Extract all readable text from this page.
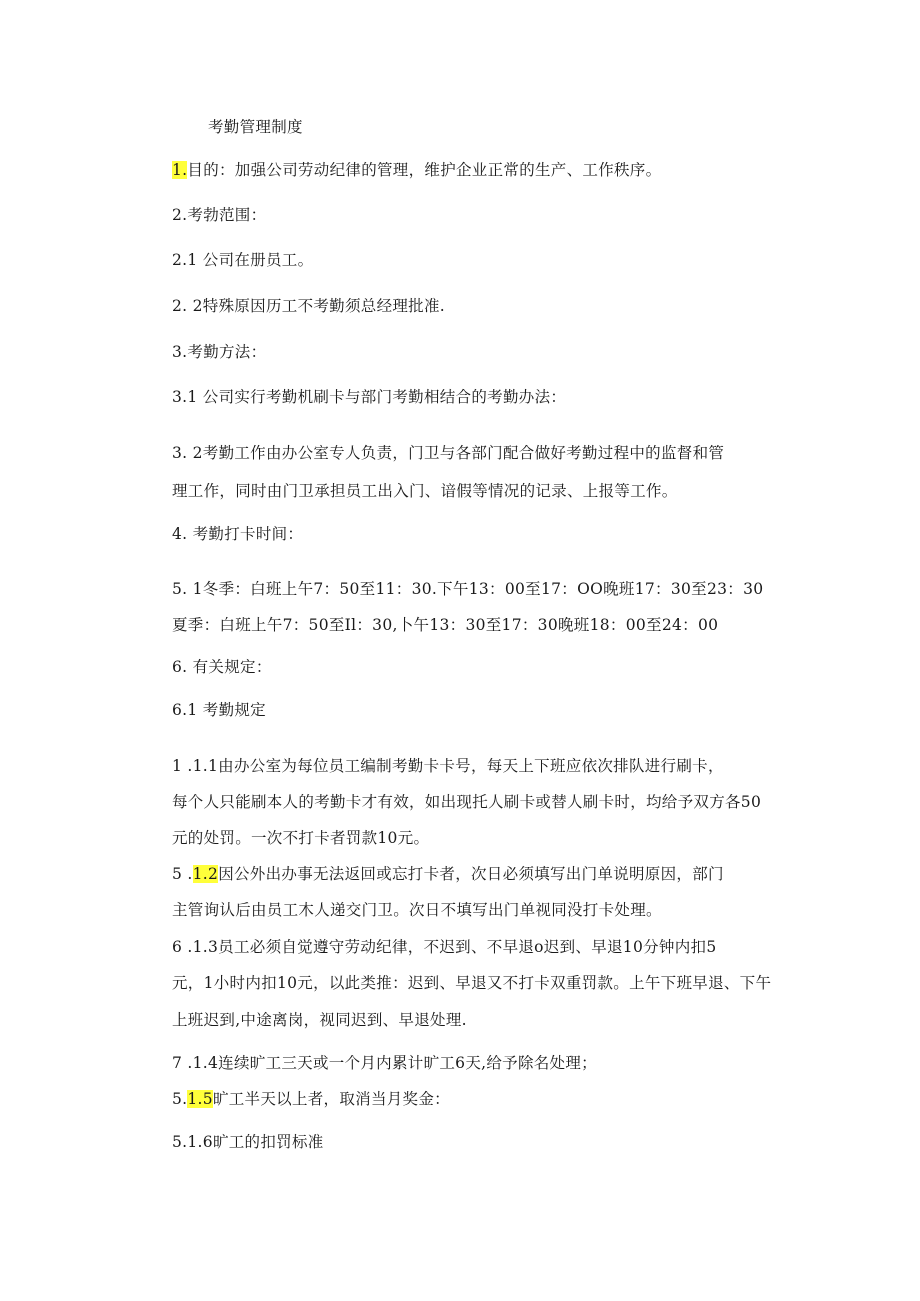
考勤管理制度
1.目的：加强公司劳动纪律的管理，维护企业正常的生产、工作秩序。
2.考勃范围：
2.1 公司在册员工。
2. 2特殊原因历工不考勤须总经理批准.
3.考勤方法：
3.1 公司实行考勤机刷卡与部门考勤相结合的考勤办法：
3. 2考勤工作由办公室专人负责，门卫与各部门配合做好考勤过程中的监督和管
理工作，同时由门卫承担员工出入门、谙假等情况的记录、上报等工作。
4. 考勤打卡时间：
5. 1冬季：白班上午7：50至11：30.下午13：00至17：OO晚班17：30至23：30
夏季：白班上午7：50至Il：30,卜午13：30至17：30晚班18：00至24：00
6. 有关规定：
6.1 考勤规定
1 .1.1由办公室为每位员工编制考勤卡卡号，每天上下班应依次排队进行刷卡，
每个人只能刷本人的考勤卡才有效，如出现托人刷卡或替人刷卡时，均给予双方各50
元的处罚。一次不打卡者罚款10元。
5 .1.2因公外出办事无法返回或忘打卡者，次日必须填写出门单说明原因，部门
主管询认后由员工木人递交门卫。次日不填写出门单视同没打卡处理。
6 .1.3员工必须自觉遵守劳动纪律，不迟到、不早退o迟到、早退10分钟内扣5
元，1小时内扣10元，以此类推：迟到、早退又不打卡双重罚款。上午下班早退、下午
上班迟到,中途离岗，视同迟到、早退处理.
7 .1.4连续旷工三天或一个月内累计旷工6天,给予除名处理；
5.1.5旷工半天以上者，取消当月奖金：
5.1.6旷工的扣罚标准
